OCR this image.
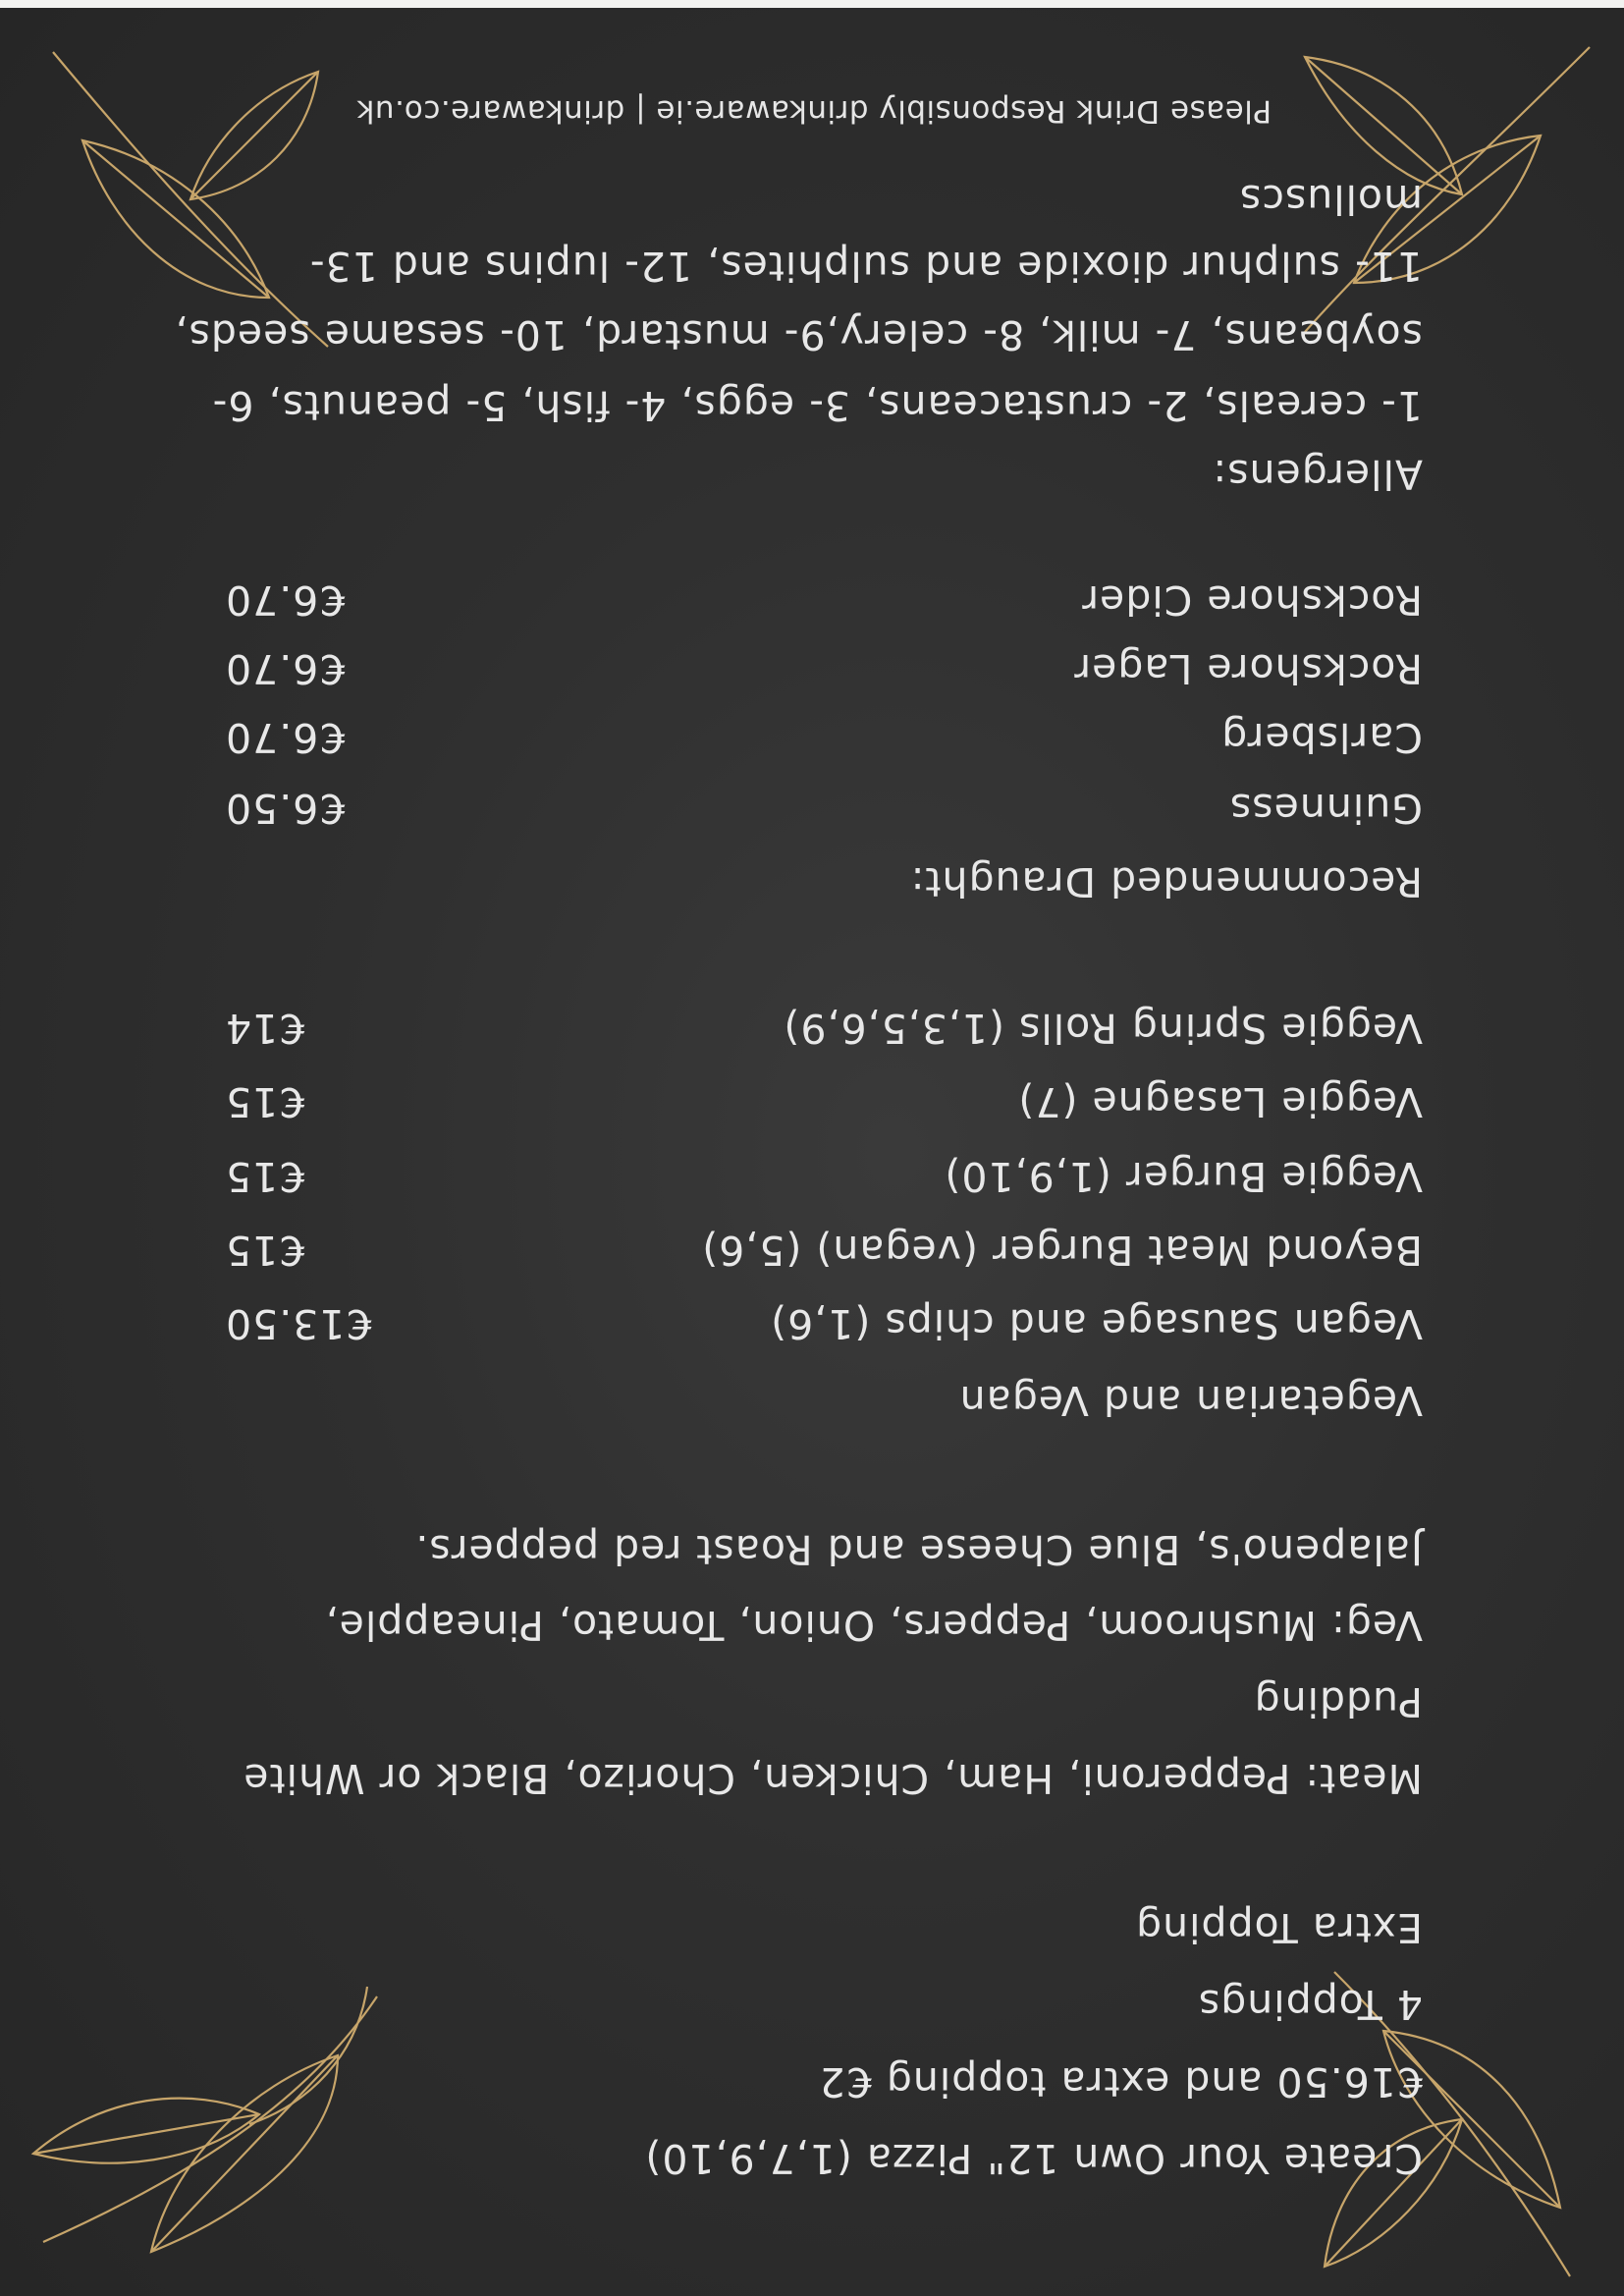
Create Your Own 12" Pizza (1,7,9,10)
€16.50 and extra topping €2
4 Toppings
Extra Topping
Meat: Pepperoni, Ham, Chicken, Chorizo, Black or White
Pudding
Veg: Mushroom, Peppers, Onion, Tomato, Pineapple,
Jalapeno's, Blue Cheese and Roast red peppers.
Vegetarian and Vegan
Vegan Sausage and chips (1,6)
€13.50
Beyond Meat Burger (vegan) (5,6)
€15
Veggie Burger (1,9,10)
€15
Veggie Lasagne (7)
€15
Veggie Spring Rolls (1,3,5,6,9)
€14
Recommended Draught:
Guinness
€6.50
Carlsberg
€6.70
Rockshore Lager
€6.70
Rockshore Cider
€6.70
Allergens:
1- cereals, 2- crustaceans, 3- eggs, 4- fish, 5- peanuts, 6-
soybeans, 7- milk, 8- celery,9- mustard, 10- sesame seeds,
11- sulphur dioxide and sulphites, 12- lupins and 13-
molluscs
Please Drink Responsibly drinkaware.ie | drinkaware.co.uk
